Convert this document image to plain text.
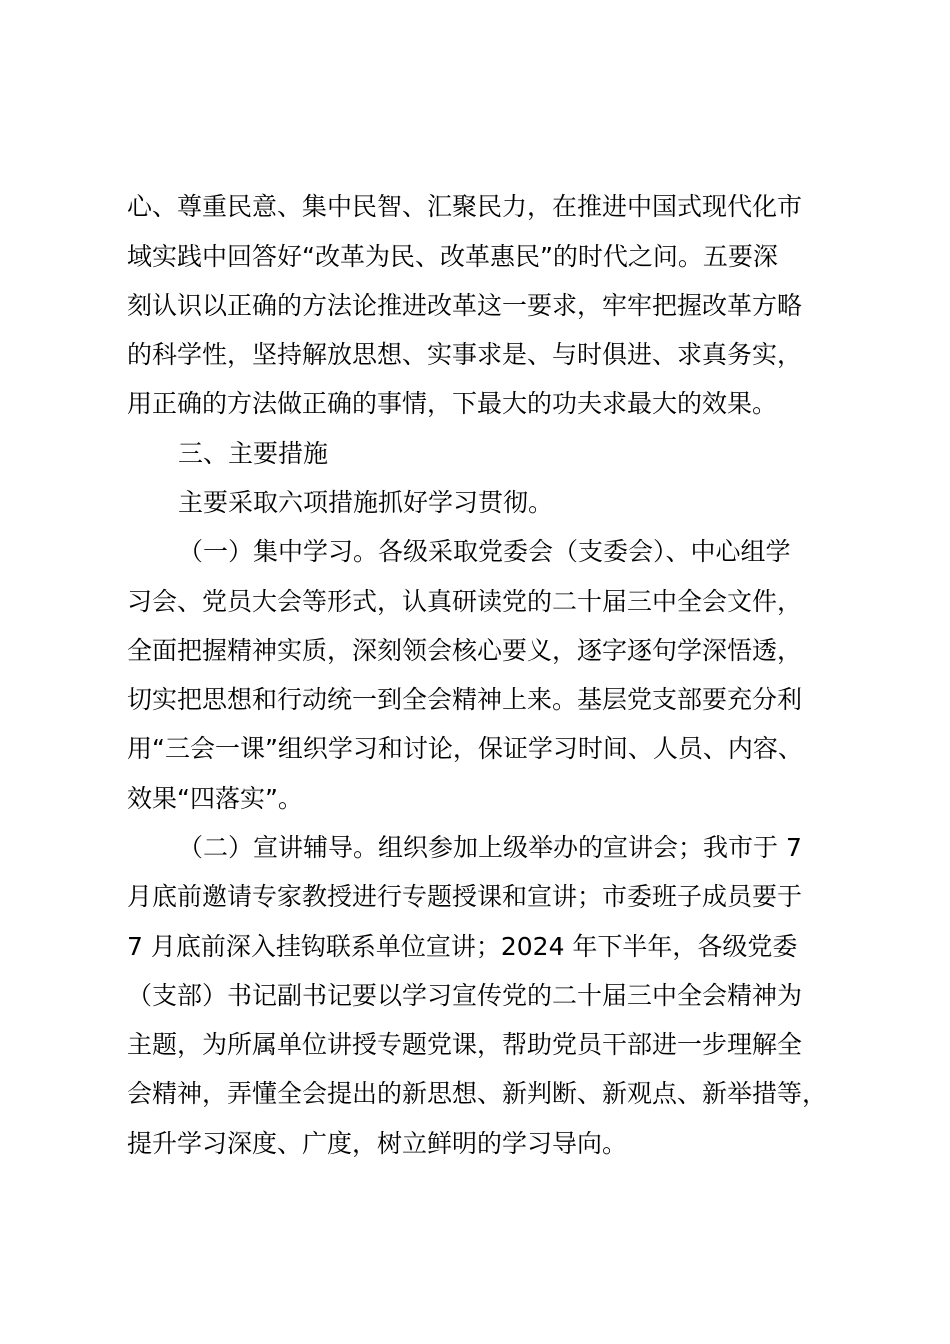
心、尊重民意、集中民智、汇聚民力，在推进中国式现代化市
域实践中回答好“改革为民、改革惠民”的时代之问。五要深
刻认识以正确的方法论推进改革这一要求，牢牢把握改革方略
的科学性，坚持解放思想、实事求是、与时俱进、求真务实，
用正确的方法做正确的事情，下最大的功夫求最大的效果。
三、主要措施
主要采取六项措施抓好学习贯彻。
（一）集中学习。各级采取党委会（支委会）、中心组学
习会、党员大会等形式，认真研读党的二十届三中全会文件，
全面把握精神实质，深刻领会核心要义，逐字逐句学深悟透，
切实把思想和行动统一到全会精神上来。基层党支部要充分利
用“三会一课”组织学习和讨论，保证学习时间、人员、内容、
效果“四落实”。
（二）宣讲辅导。组织参加上级举办的宣讲会；我市于 7
月底前邀请专家教授进行专题授课和宣讲；市委班子成员要于
7 月底前深入挂钩联系单位宣讲；2024 年下半年，各级党委
（支部）书记副书记要以学习宣传党的二十届三中全会精神为
主题，为所属单位讲授专题党课，帮助党员干部进一步理解全
会精神，弄懂全会提出的新思想、新判断、新观点、新举措等，
提升学习深度、广度，树立鲜明的学习导向。
